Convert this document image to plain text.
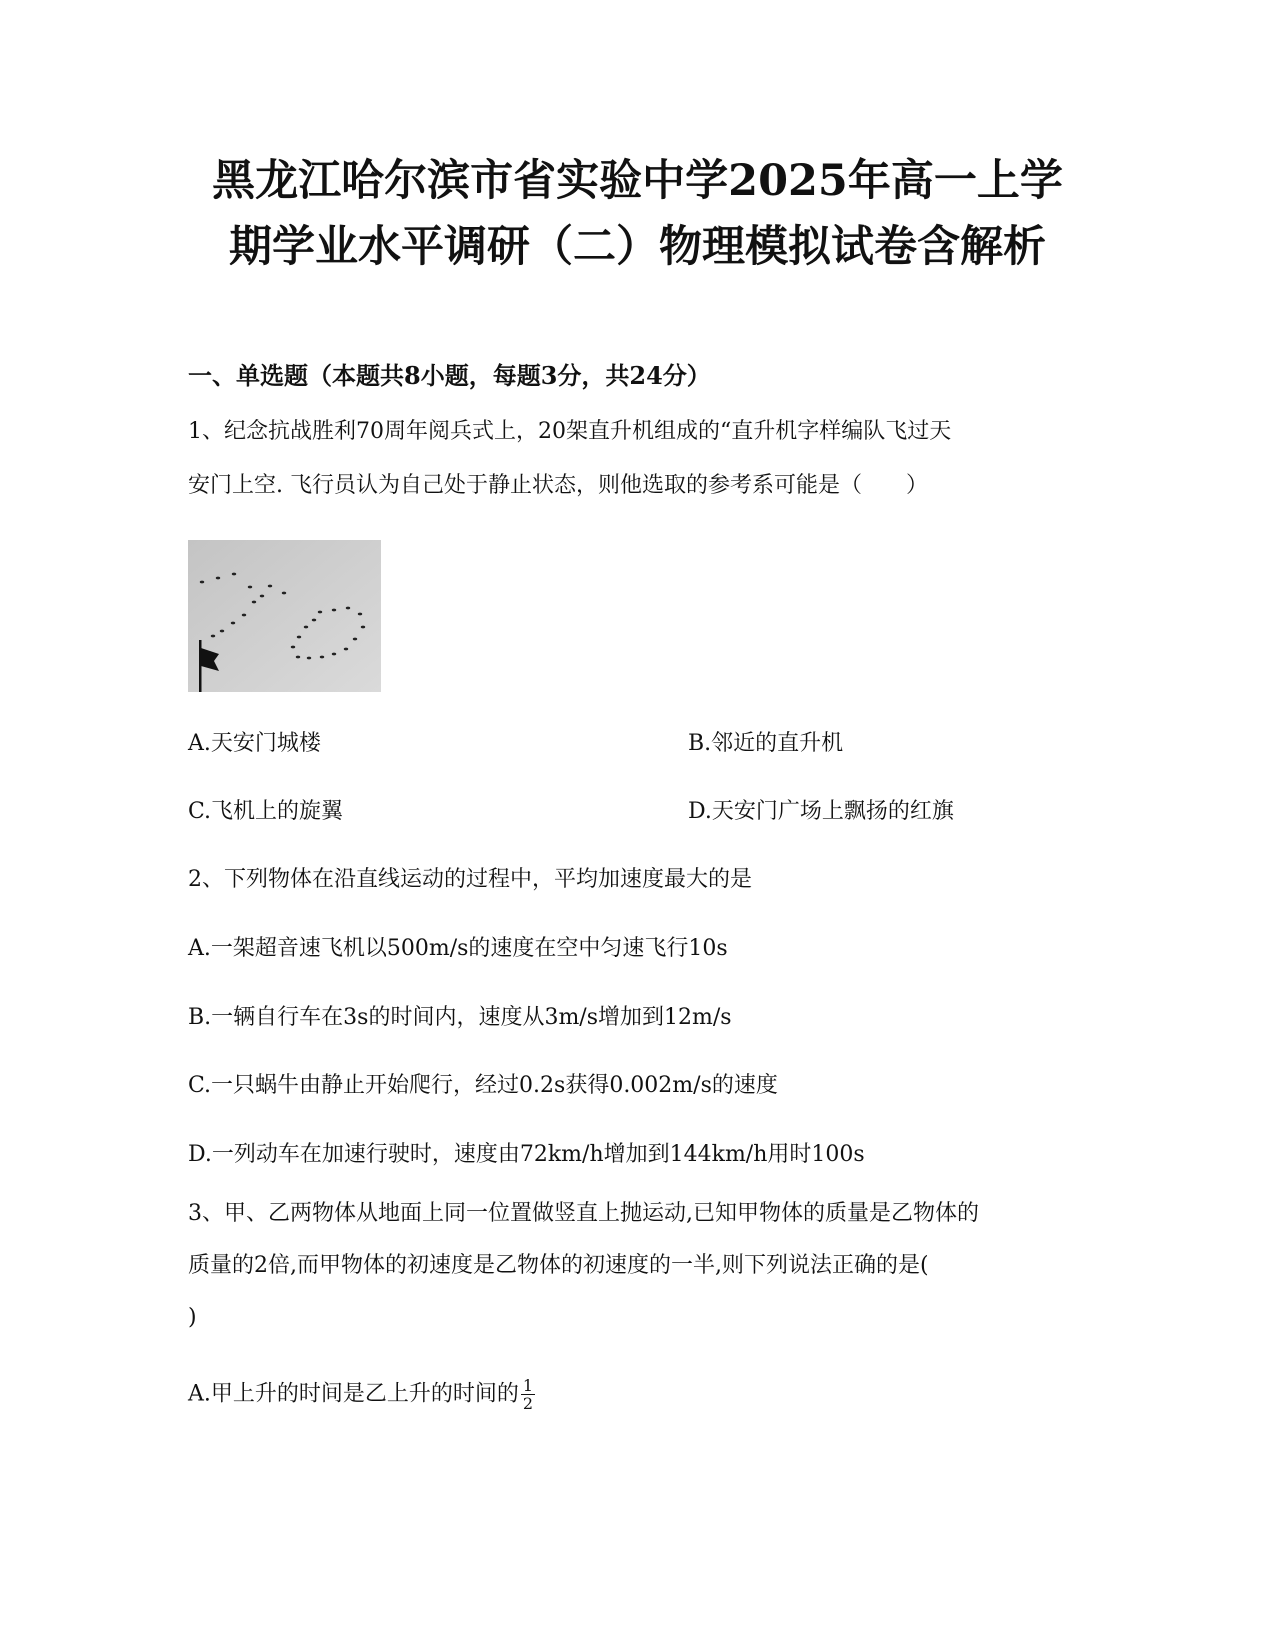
黑龙江哈尔滨市省实验中学2025年高一上学
期学业水平调研（二）物理模拟试卷含解析
一、单选题（本题共8小题，每题3分，共24分）
1、纪念抗战胜利70周年阅兵式上，20架直升机组成的“直升机字样编队飞过天
安门上空. 飞行员认为自己处于静止状态，则他选取的参考系可能是（　　）
A.天安门城楼	B.邻近的直升机
C.飞机上的旋翼	D.天安门广场上飘扬的红旗
2、下列物体在沿直线运动的过程中，平均加速度最大的是
A.一架超音速飞机以500m/s的速度在空中匀速飞行10s
B.一辆自行车在3s的时间内，速度从3m/s增加到12m/s
C.一只蜗牛由静止开始爬行，经过0.2s获得0.002m/s的速度
D.一列动车在加速行驶时，速度由72km/h增加到144km/h用时100s
3、甲、乙两物体从地面上同一位置做竖直上抛运动,已知甲物体的质量是乙物体的
质量的2倍,而甲物体的初速度是乙物体的初速度的一半,则下列说法正确的是(
)
A.甲上升的时间是乙上升的时间的 $\frac{1}{2}$
